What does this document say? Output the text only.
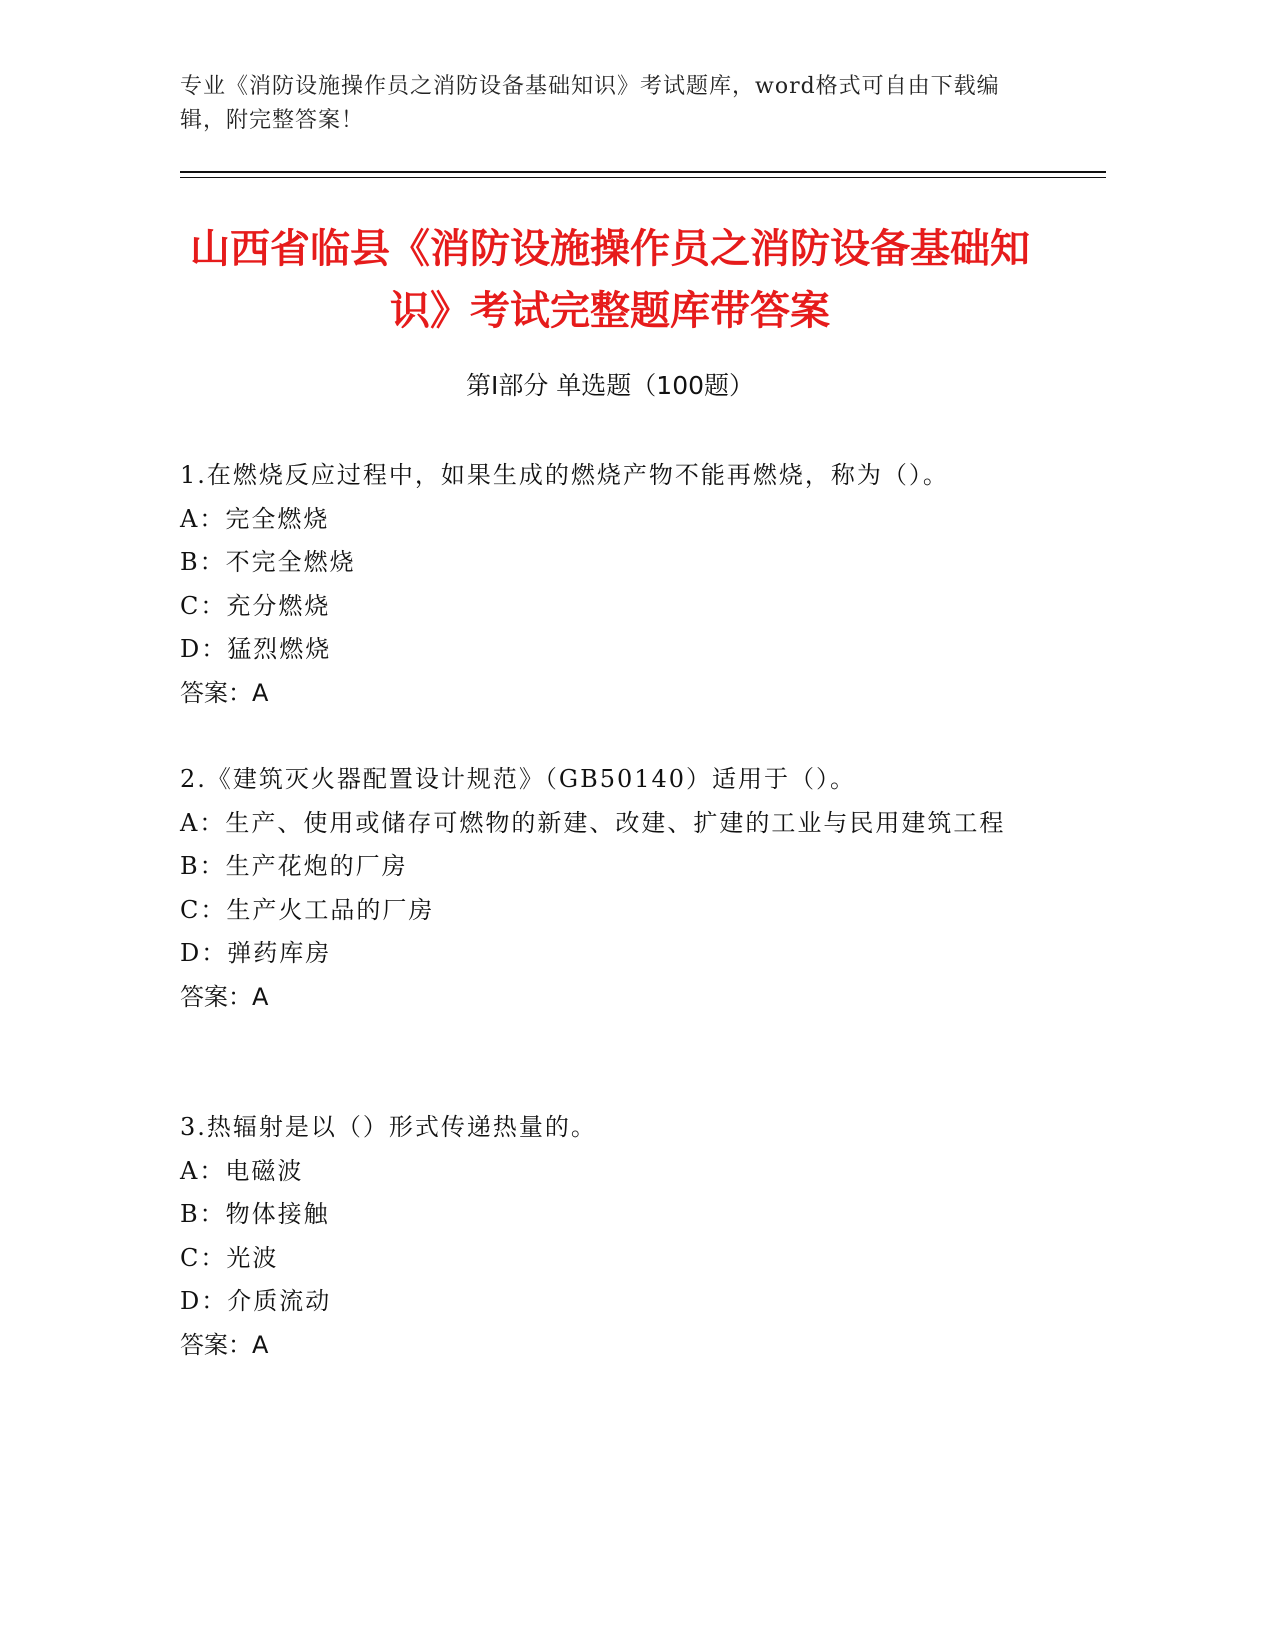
专业《消防设施操作员之消防设备基础知识》考试题库，word格式可自由下载编辑，附完整答案！
山西省临县《消防设施操作员之消防设备基础知识》考试完整题库带答案
第Ⅰ部分 单选题（100题）
1.在燃烧反应过程中，如果生成的燃烧产物不能再燃烧，称为（）。
A：完全燃烧
B：不完全燃烧
C：充分燃烧
D：猛烈燃烧
答案：A
2.《建筑灭火器配置设计规范》（GB50140）适用于（）。
A：生产、使用或储存可燃物的新建、改建、扩建的工业与民用建筑工程
B：生产花炮的厂房
C：生产火工品的厂房
D：弹药库房
答案：A
3.热辐射是以（）形式传递热量的。
A：电磁波
B：物体接触
C：光波
D：介质流动
答案：A
